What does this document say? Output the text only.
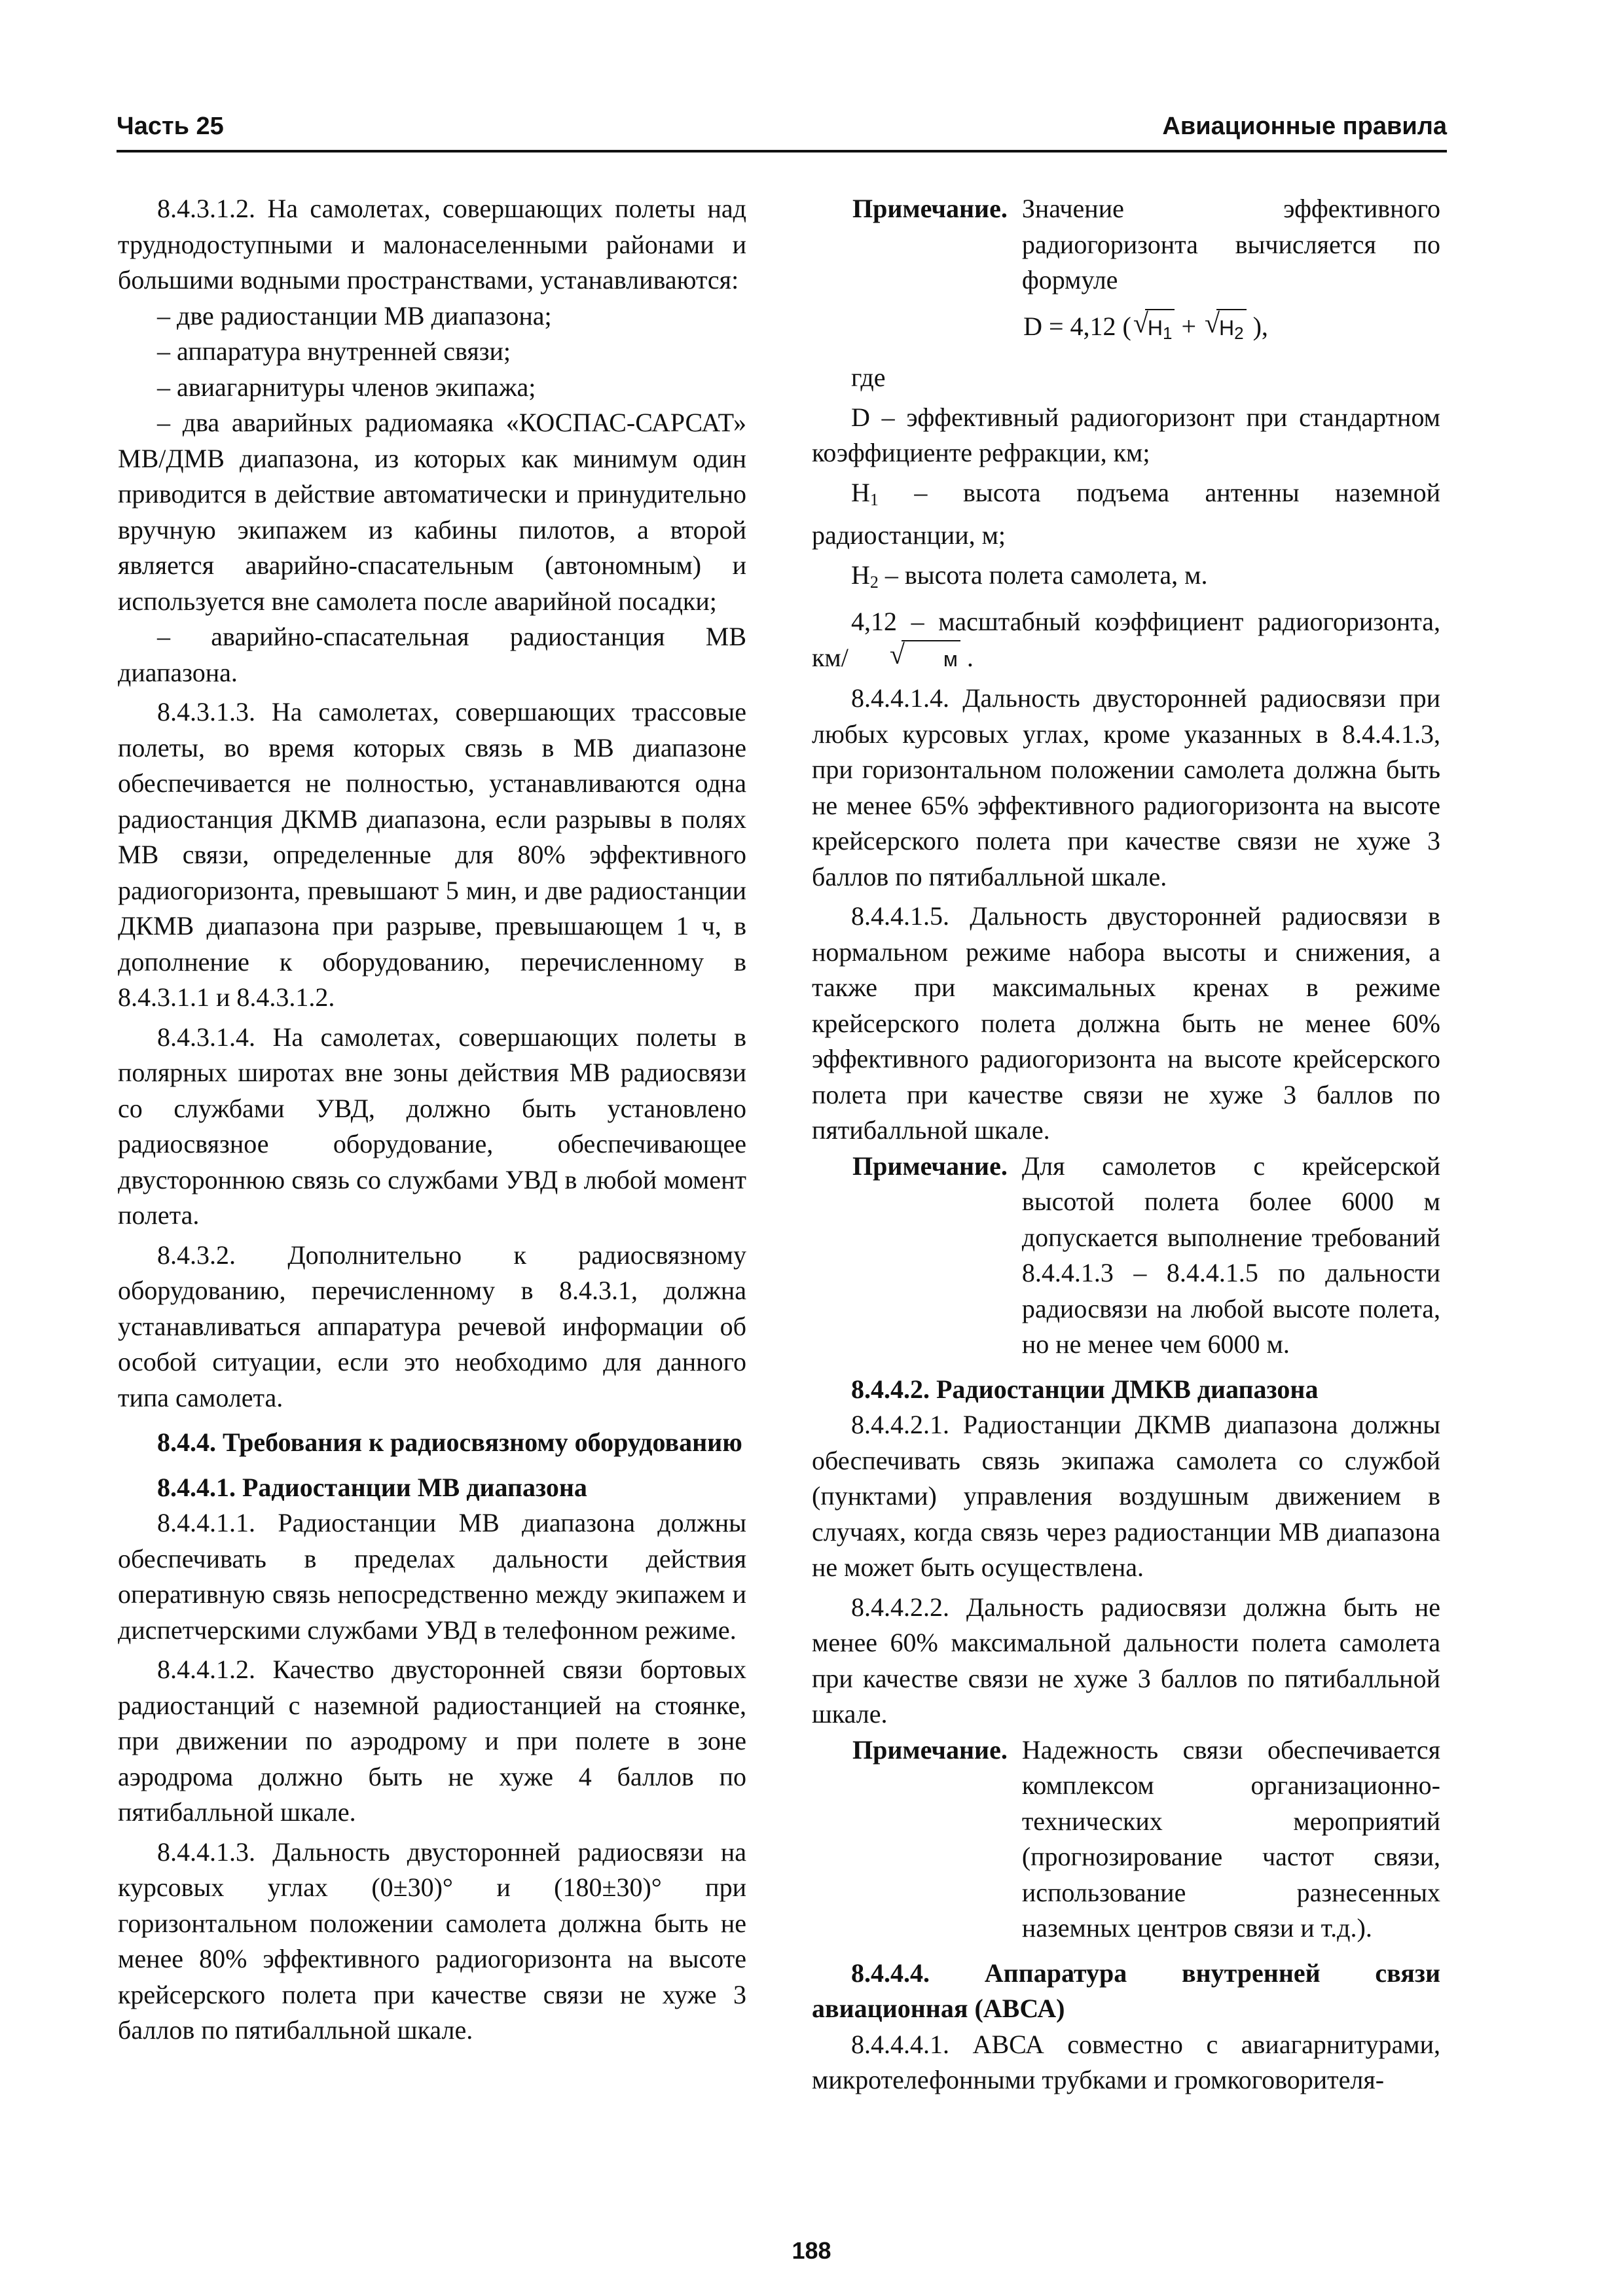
Часть 25	Авиационные правила

8.4.3.1.2. На самолетах, совершающих полеты над труднодоступными и малонаселенными районами и большими водными пространствами, устанавливаются:

– две радиостанции МВ диапазона;

– аппаратура внутренней связи;

– авиагарнитуры членов экипажа;

– два аварийных радиомаяка «КОСПАС-САРСАТ» МВ/ДМВ диапазона, из которых как минимум один приводится в действие автоматически и принудительно вручную экипажем из кабины пилотов, а второй является аварийно-спасательным (автономным) и используется вне самолета после аварийной посадки;

– аварийно-спасательная радиостанция МВ диапазона.

8.4.3.1.3. На самолетах, совершающих трассовые полеты, во время которых связь в МВ диапазоне обеспечивается не полностью, устанавливаются одна радиостанция ДКМВ диапазона, если разрывы в полях МВ связи, определенные для 80% эффективного радиогоризонта, превышают 5 мин, и две радиостанции ДКМВ диапазона при разрыве, превышающем 1 ч, в дополнение к оборудованию, перечисленному в 8.4.3.1.1 и 8.4.3.1.2.

8.4.3.1.4. На самолетах, совершающих полеты в полярных широтах вне зоны действия МВ радиосвязи со службами УВД, должно быть установлено радиосвязное оборудование, обеспечивающее двустороннюю связь со службами УВД в любой момент полета.

8.4.3.2. Дополнительно к радиосвязному оборудованию, перечисленному в 8.4.3.1, должна устанавливаться аппаратура речевой информации об особой ситуации, если это необходимо для данного типа самолета.

8.4.4. Требования к радиосвязному оборудованию

8.4.4.1. Радиостанции МВ диапазона

8.4.4.1.1. Радиостанции МВ диапазона должны обеспечивать в пределах дальности действия оперативную связь непосредственно между экипажем и диспетчерскими службами УВД в телефонном режиме.

8.4.4.1.2. Качество двусторонней связи бортовых радиостанций с наземной радиостанцией на стоянке, при движении по аэродрому и при полете в зоне аэродрома должно быть не хуже 4 баллов по пятибалльной шкале.

8.4.4.1.3. Дальность двусторонней радиосвязи на курсовых углах (0±30)° и (180±30)° при горизонтальном положении самолета должна быть не менее 80% эффективного радиогоризонта на высоте крейсерского полета при качестве связи не хуже 3 баллов по пятибалльной шкале.

Примечание. Значение эффективного радиогоризонта вычисляется по формуле
D = 4,12 ( √ $H_1$ + √ $H_2$ ),

где

D – эффективный радиогоризонт при стандартном коэффициенте рефракции, км;

$H_1$ – высота подъема антенны наземной радиостанции, м;

$H_2$ – высота полета самолета, м.

4,12 – масштабный коэффициент радиогоризонта, км/	√ м .

8.4.4.1.4. Дальность двусторонней радиосвязи при любых курсовых углах, кроме указанных в 8.4.4.1.3, при горизонтальном положении самолета должна быть не менее 65% эффективного радиогоризонта на высоте крейсерского полета при качестве связи не хуже 3 баллов по пятибалльной шкале.

8.4.4.1.5. Дальность двусторонней радиосвязи в нормальном режиме набора высоты и снижения, а также при максимальных кренах в режиме крейсерского полета должна быть не менее 60% эффективного радиогоризонта на высоте крейсерского полета при качестве связи не хуже 3 баллов по пятибалльной шкале.

Примечание. Для самолетов с крейсерской высотой полета более 6000 м допускается выполнение требований 8.4.4.1.3 – 8.4.4.1.5 по дальности радиосвязи на любой высоте полета, но не менее чем 6000 м.

8.4.4.2. Радиостанции ДМКВ диапазона

8.4.4.2.1. Радиостанции ДКМВ диапазона должны обеспечивать связь экипажа самолета со службой (пунктами) управления воздушным движением в случаях, когда связь через радиостанции МВ диапазона не может быть осуществлена.

8.4.4.2.2. Дальность радиосвязи должна быть не менее 60% максимальной дальности полета самолета при качестве связи не хуже 3 баллов по пятибалльной шкале.

Примечание. Надежность связи обеспечивается комплексом организационно-технических мероприятий (прогнозирование частот связи, использование разнесенных наземных центров связи и т.д.).

8.4.4.4. Аппаратура внутренней связи авиационная (АВСА)

8.4.4.4.1. АВСА совместно с авиагарнитурами, микротелефонными трубками и громкоговорителя-

188
